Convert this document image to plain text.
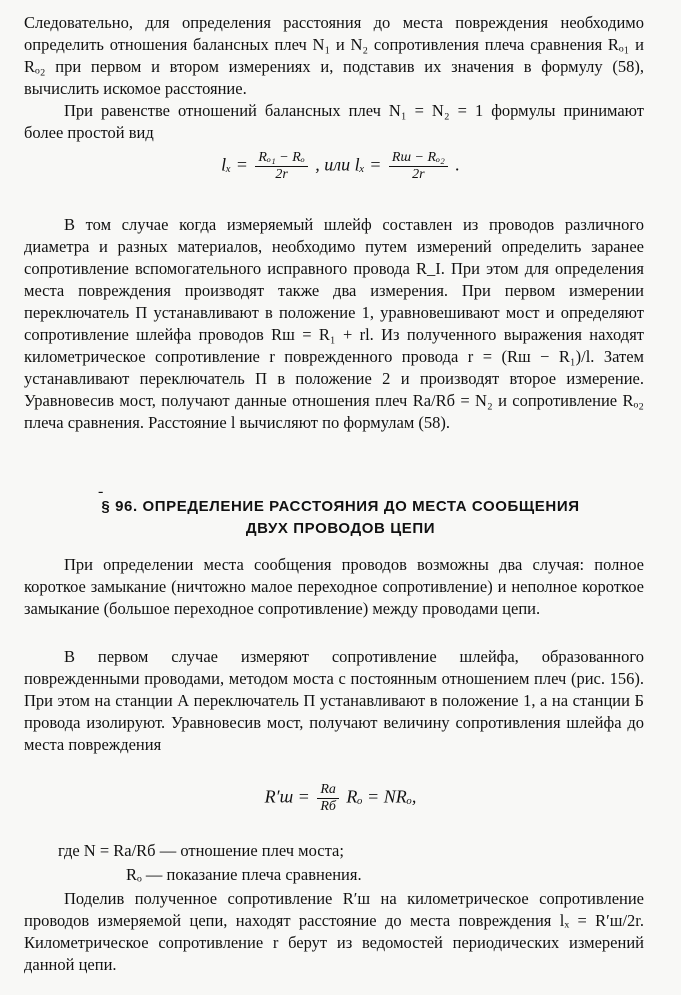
Следовательно, для определения расстояния до места повреждения необходимо определить отношения балансных плеч N₁ и N₂ сопротивления плеча сравнения Rₒ₁ и Rₒ₂ при первом и втором измерениях и, подставив их значения в формулу (58), вычислить искомое расстояние.

При равенстве отношений балансных плеч N₁ = N₂ = 1 формулы принимают более простой вид

$l_x = \frac{\text{Rₒ₁ − Rₒ}}{2r}$ , или $l_x = \frac{\text{Rш − Rₒ₂}}{2r}$ .

В том случае когда измеряемый шлейф составлен из проводов различного диаметра и разных материалов, необходимо путем измерений определить заранее сопротивление вспомогательного исправного провода R_I. При этом для определения места повреждения производят также два измерения. При первом измерении переключатель П устанавливают в положение 1, уравновешивают мост и определяют сопротивление шлейфа проводов Rш = R₁ + rl. Из полученного выражения находят километрическое сопротивление r поврежденного провода r = (Rш − R₁)/l. Затем устанавливают переключатель П в положение 2 и производят второе измерение. Уравновесив мост, получают данные отношения плеч Rа/Rб = N₂ и сопротивление Rₒ₂ плеча сравнения. Расстояние l вычисляют по формулам (58).

-
§ 96. ОПРЕДЕЛЕНИЕ РАССТОЯНИЯ ДО МЕСТА СООБЩЕНИЯ
ДВУХ ПРОВОДОВ ЦЕПИ

При определении места сообщения проводов возможны два случая: полное короткое замыкание (ничтожно малое переходное сопротивление) и неполное короткое замыкание (большое переходное сопротивление) между проводами цепи.

В первом случае измеряют сопротивление шлейфа, образованного поврежденными проводами, методом моста с постоянным отношением плеч (рис. 156). При этом на станции А переключатель П устанавливают в положение 1, а на станции Б провода изолируют. Уравновесив мост, получают величину сопротивления шлейфа до места повреждения

$R'ш = \frac{Rа}{Rб}$ Rₒ = NRₒ,
где N = Rа/Rб — отношение плеч моста;
Rₒ — показание плеча сравнения.

Поделив полученное сопротивление R′ш на километрическое сопротивление проводов измеряемой цепи, находят расстояние до места повреждения lₓ = R′ш/2r. Километрическое сопротивление r берут из ведомостей периодических измерений данной цепи.
